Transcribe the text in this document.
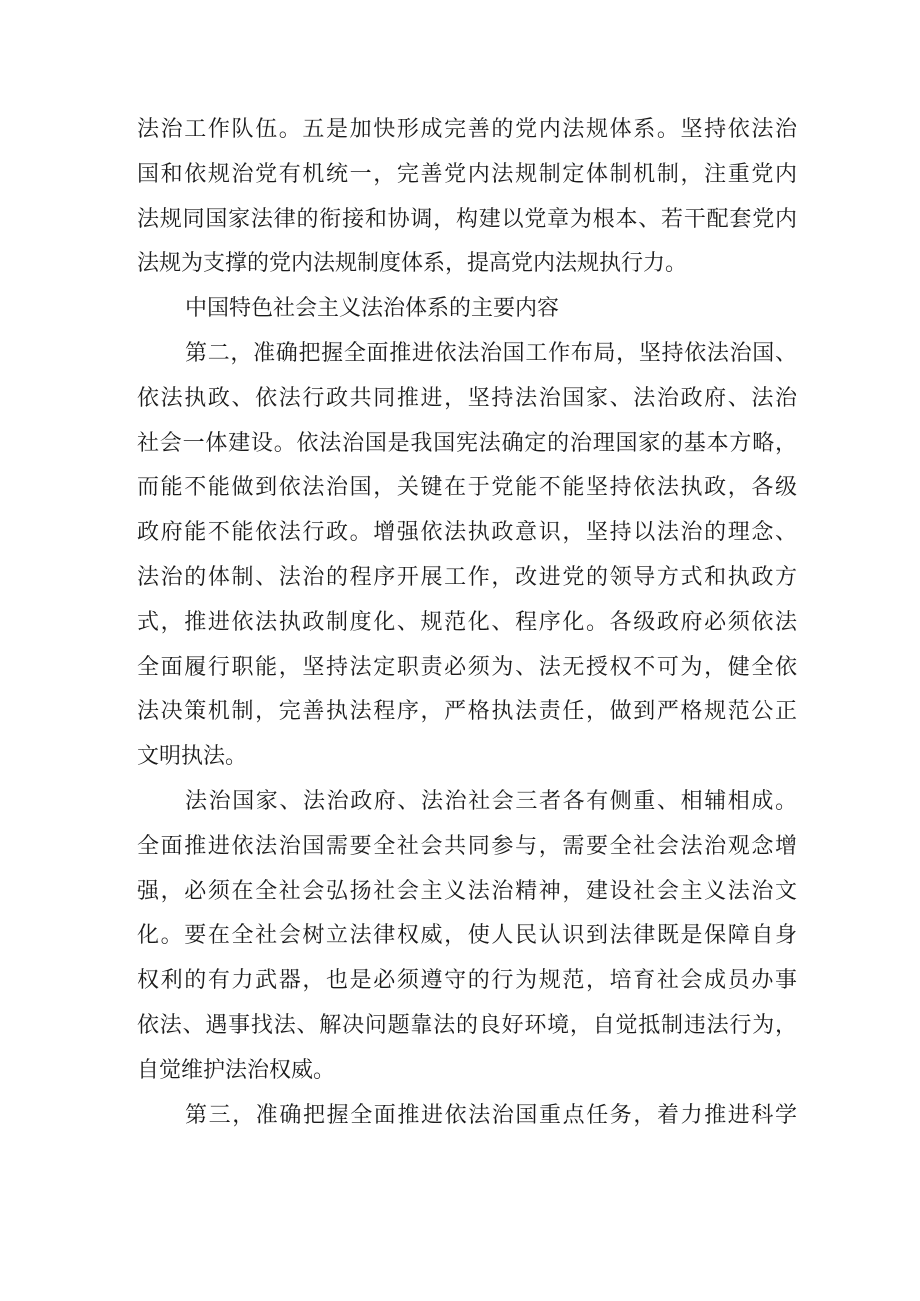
法治工作队伍。五是加快形成完善的党内法规体系。坚持依法治
国和依规治党有机统一，完善党内法规制定体制机制，注重党内
法规同国家法律的衔接和协调，构建以党章为根本、若干配套党内
法规为支撑的党内法规制度体系，提高党内法规执行力。
中国特色社会主义法治体系的主要内容
第二，准确把握全面推进依法治国工作布局，坚持依法治国、
依法执政、依法行政共同推进，坚持法治国家、法治政府、法治
社会一体建设。依法治国是我国宪法确定的治理国家的基本方略，
而能不能做到依法治国，关键在于党能不能坚持依法执政，各级
政府能不能依法行政。增强依法执政意识，坚持以法治的理念、
法治的体制、法治的程序开展工作，改进党的领导方式和执政方
式，推进依法执政制度化、规范化、程序化。各级政府必须依法
全面履行职能，坚持法定职责必须为、法无授权不可为，健全依
法决策机制，完善执法程序，严格执法责任，做到严格规范公正
文明执法。
法治国家、法治政府、法治社会三者各有侧重、相辅相成。
全面推进依法治国需要全社会共同参与，需要全社会法治观念增
强，必须在全社会弘扬社会主义法治精神，建设社会主义法治文
化。要在全社会树立法律权威，使人民认识到法律既是保障自身
权利的有力武器，也是必须遵守的行为规范，培育社会成员办事
依法、遇事找法、解决问题靠法的良好环境，自觉抵制违法行为，
自觉维护法治权威。
第三，准确把握全面推进依法治国重点任务，着力推进科学
